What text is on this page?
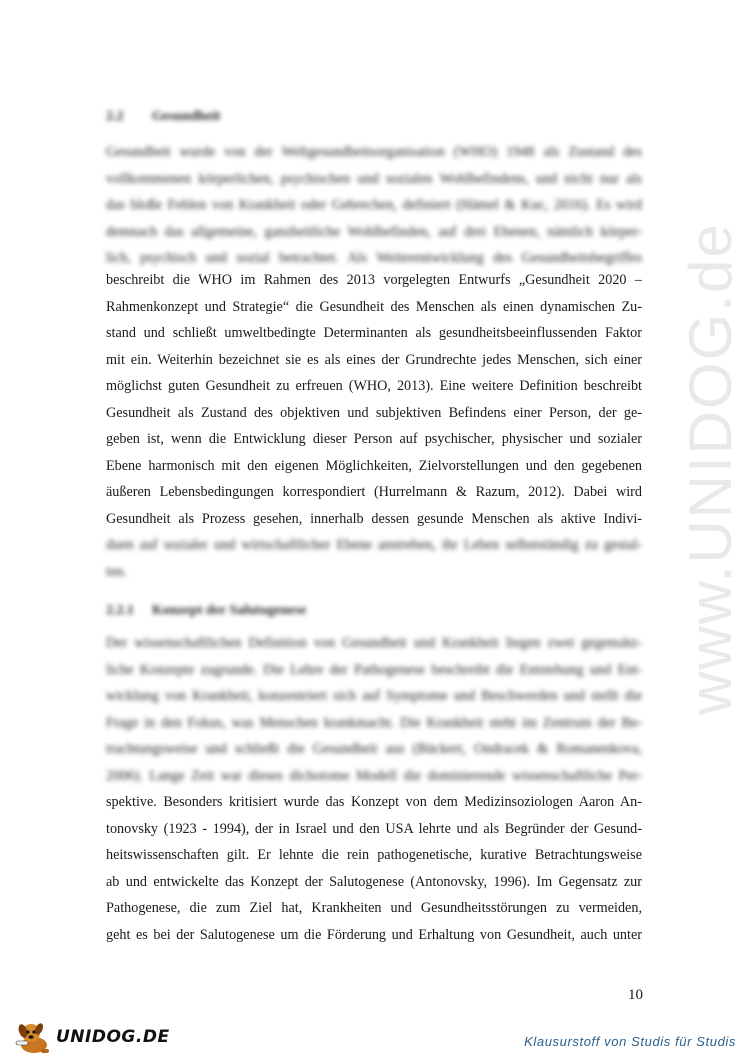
www.UNIDOG.de
2.2 Gesundheit
Gesundheit wurde von der Weltgesundheitsorganisation (WHO) 1948 als Zustand des
vollkommenen körperlichen, psychischen und sozialen Wohlbefindens, und nicht nur als
das bloße Fehlen von Krankheit oder Gebrechen, definiert (Hämel & Kuc, 2016). Es wird
demnach das allgemeine, ganzheitliche Wohlbefinden, auf drei Ebenen, nämlich körper-
lich, psychisch und sozial betrachtet. Als Weiterentwicklung des Gesundheitsbegriffes
beschreibt die WHO im Rahmen des 2013 vorgelegten Entwurfs „Gesundheit 2020 –
Rahmenkonzept und Strategie“ die Gesundheit des Menschen als einen dynamischen Zu-
stand und schließt umweltbedingte Determinanten als gesundheitsbeeinflussenden Faktor
mit ein. Weiterhin bezeichnet sie es als eines der Grundrechte jedes Menschen, sich einer
möglichst guten Gesundheit zu erfreuen (WHO, 2013). Eine weitere Definition beschreibt
Gesundheit als Zustand des objektiven und subjektiven Befindens einer Person, der ge-
geben ist, wenn die Entwicklung dieser Person auf psychischer, physischer und sozialer
Ebene harmonisch mit den eigenen Möglichkeiten, Zielvorstellungen und den gegebenen
äußeren Lebensbedingungen korrespondiert (Hurrelmann & Razum, 2012). Dabei wird
Gesundheit als Prozess gesehen, innerhalb dessen gesunde Menschen als aktive Indivi-
duen auf sozialer und wirtschaftlicher Ebene anstreben, ihr Leben selbstständig zu gestal-
ten.
2.2.1 Konzept der Salutogenese
Der wissenschaftlichen Definition von Gesundheit und Krankheit liegen zwei gegensätz-
liche Konzepte zugrunde. Die Lehre der Pathogenese beschreibt die Entstehung und Ent-
wicklung von Krankheit, konzentriert sich auf Symptome und Beschwerden und stellt die
Frage in den Fokus, was Menschen krankmacht. Die Krankheit steht im Zentrum der Be-
trachtungsweise und schließt die Gesundheit aus (Bückert, Ondracek & Romanenkova,
2006). Lange Zeit war dieses dichotome Modell die dominierende wissenschaftliche Per-
spektive. Besonders kritisiert wurde das Konzept von dem Medizinsoziologen Aaron An-
tonovsky (1923 - 1994), der in Israel und den USA lehrte und als Begründer der Gesund-
heitswissenschaften gilt. Er lehnte die rein pathogenetische, kurative Betrachtungsweise
ab und entwickelte das Konzept der Salutogenese (Antonovsky, 1996). Im Gegensatz zur
Pathogenese, die zum Ziel hat, Krankheiten und Gesundheitsstörungen zu vermeiden,
geht es bei der Salutogenese um die Förderung und Erhaltung von Gesundheit, auch unter
10
UNIDOG.DE	Klausurstoff von Studis für Studis
